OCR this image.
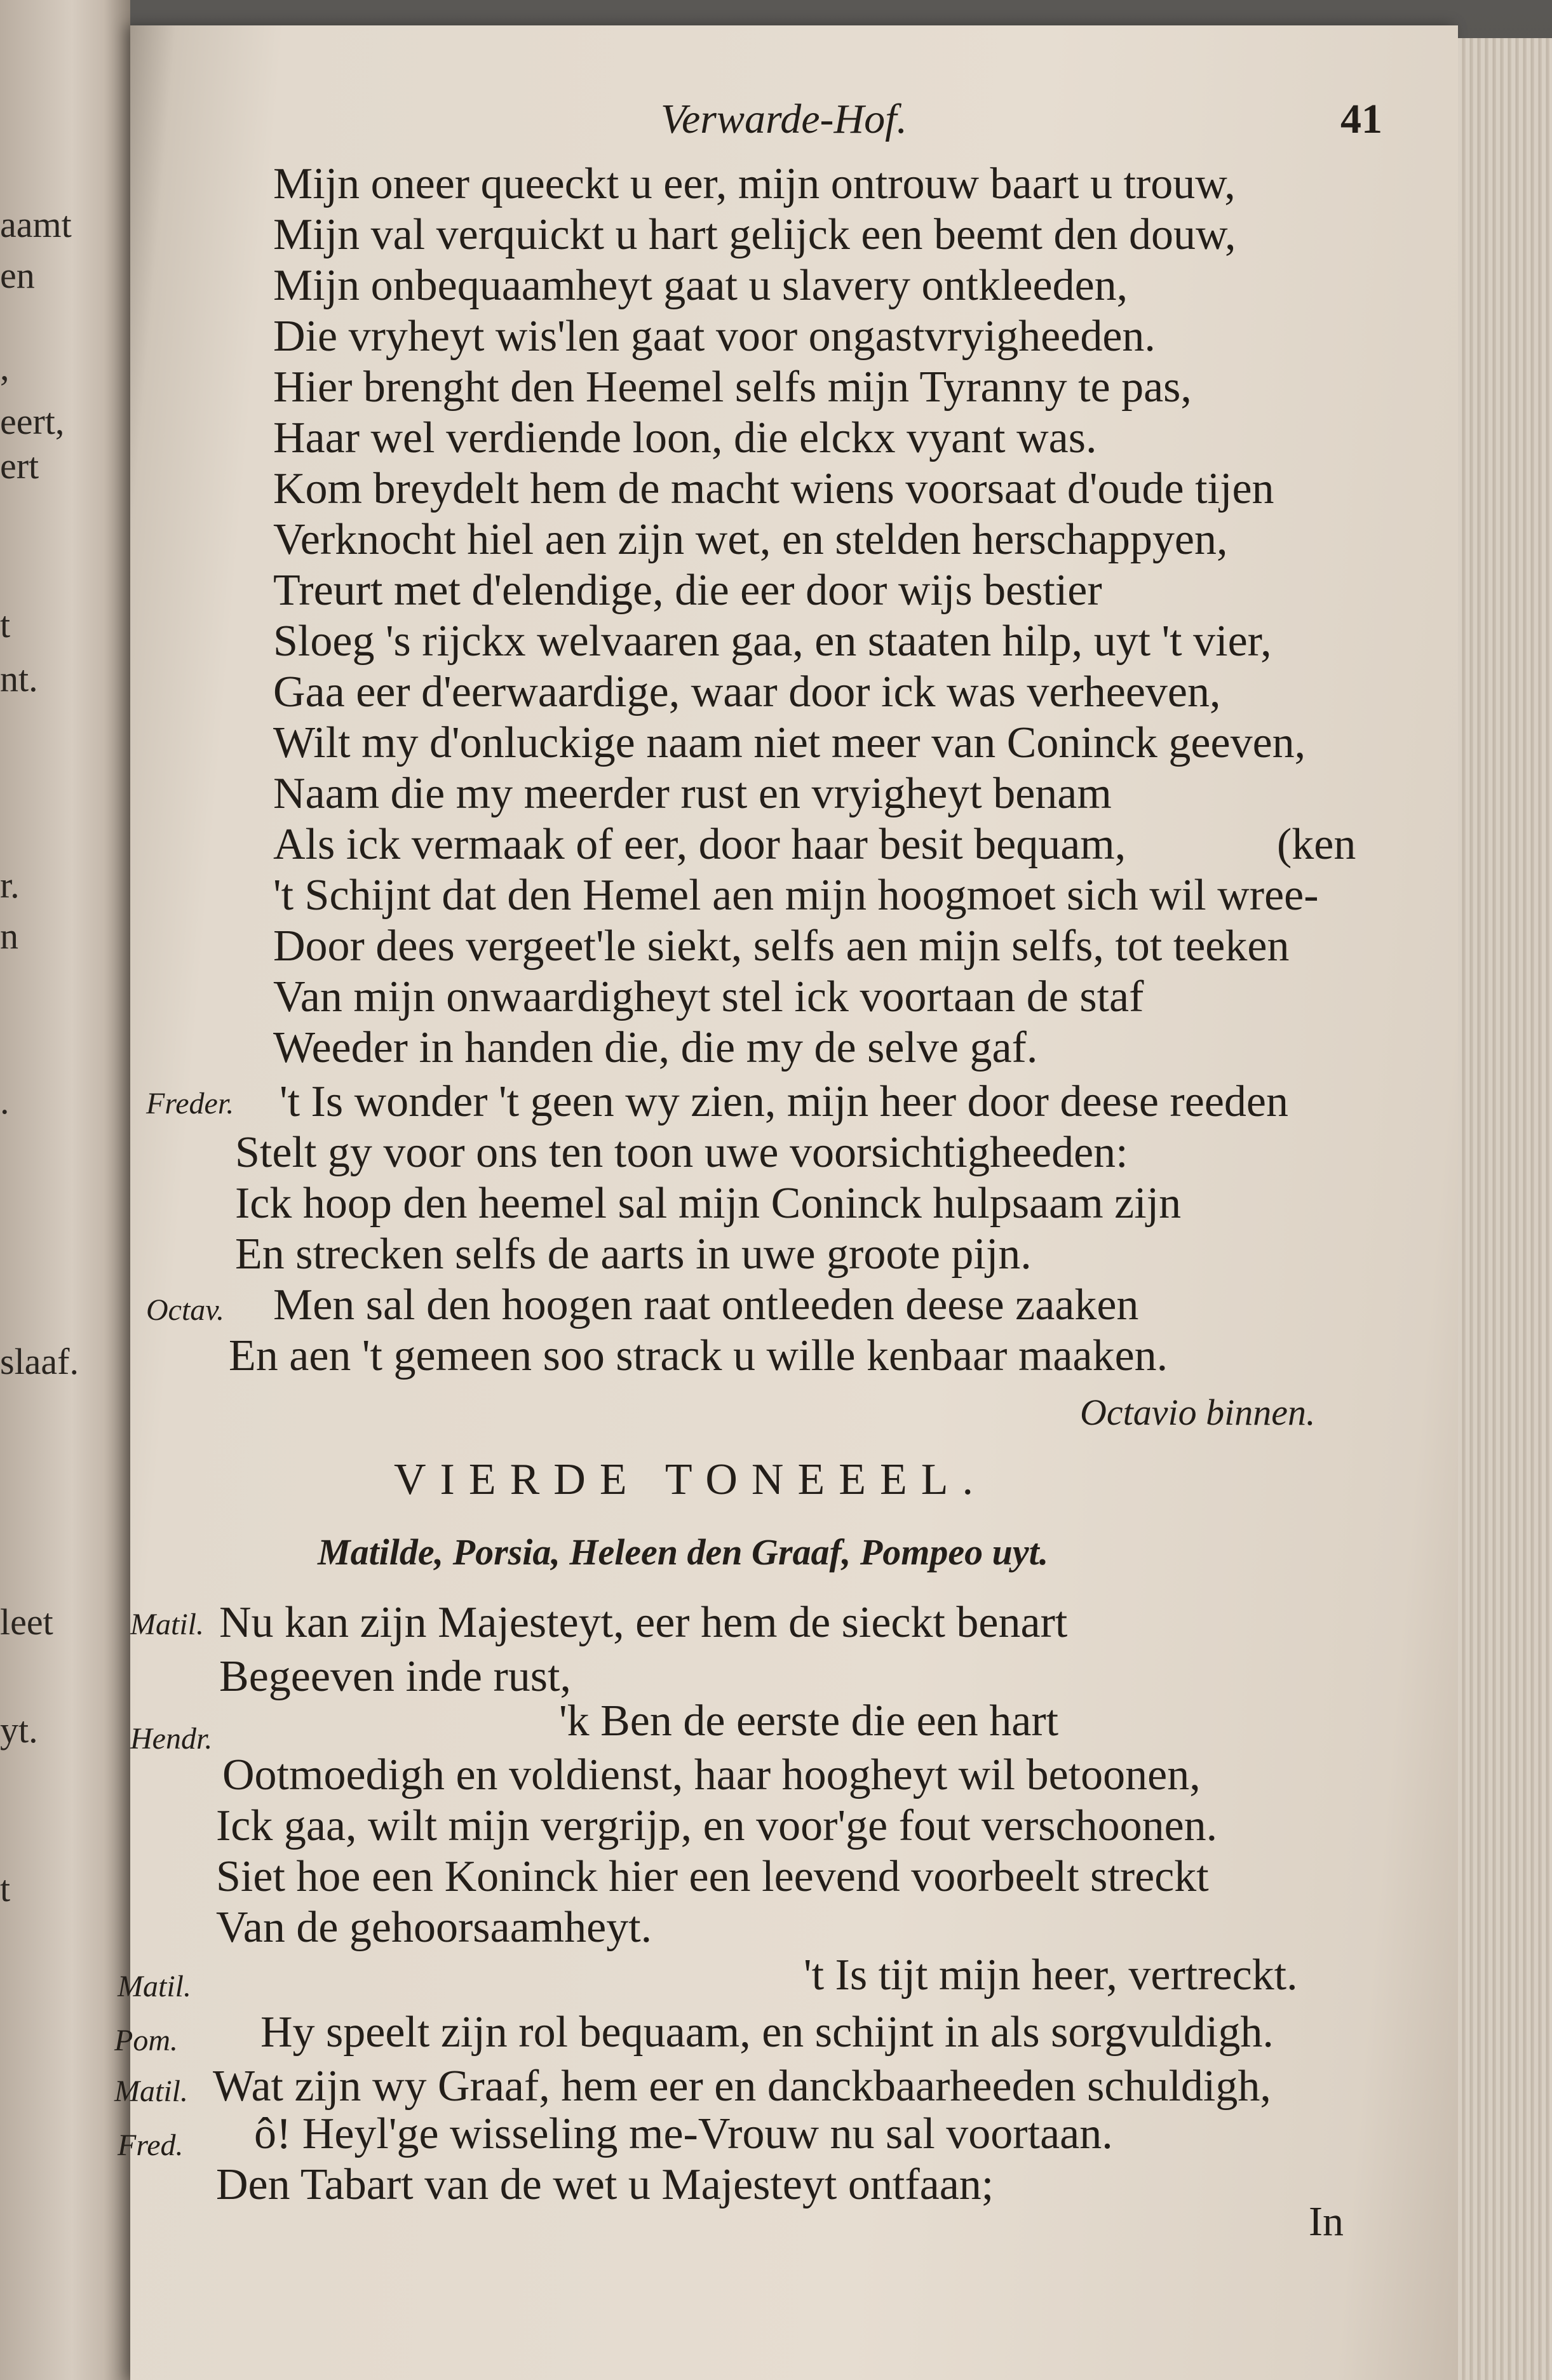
aamt
en
,
eert,
ert
t
nt.
r.
n
.
slaaf.
leet
yt.
t
Verwarde-Hof.	41
Mijn oneer queeckt u eer, mijn ontrouw baart u trouw,
Mijn val verquickt u hart gelijck een beemt den douw,
Mijn onbequaamheyt gaat u slavery ontkleeden,
Die vryheyt wis'len gaat voor ongastvryigheeden.
Hier brenght den Heemel selfs mijn Tyranny te pas,
Haar wel verdiende loon, die elckx vyant was.
Kom breydelt hem de macht wiens voorsaat d'oude tijen
Verknocht hiel aen zijn wet, en stelden herschappyen,
Treurt met d'elendige, die eer door wijs bestier
Sloeg 's rijckx welvaaren gaa, en staaten hilp, uyt 't vier,
Gaa eer d'eerwaardige, waar door ick was verheeven,
Wilt my d'onluckige naam niet meer van Coninck geeven,
Naam die my meerder rust en vryigheyt benam
Als ick vermaak of eer, door haar besit bequam,	(ken
't Schijnt dat den Hemel aen mijn hoogmoet sich wil wree-
Door dees vergeet'le siekt, selfs aen mijn selfs, tot teeken
Van mijn onwaardigheyt stel ick voortaan de staf
Weeder in handen die, die my de selve gaf.
Freder. 't Is wonder 't geen wy zien, mijn heer door deese reeden
Stelt gy voor ons ten toon uwe voorsichtigheeden:
Ick hoop den heemel sal mijn Coninck hulpsaam zijn
En strecken selfs de aarts in uwe groote pijn.
Octav. Men sal den hoogen raat ontleeden deese zaaken
En aen 't gemeen soo strack u wille kenbaar maaken.
Octavio binnen.
VIERDE TONEEEL.
Matilde, Porsia, Heleen den Graaf, Pompeo uyt.
Matil. Nu kan zijn Majesteyt, eer hem de sieckt benart
Begeeven inde rust,
Hendr.	'k Ben de eerste die een hart
Ootmoedigh en voldienst, haar hoogheyt wil betoonen,
Ick gaa, wilt mijn vergrijp, en voor'ge fout verschoonen.
Siet hoe een Koninck hier een leevend voorbeelt streckt
Van de gehoorsaamheyt.
Matil.	't Is tijt mijn heer, vertreckt.
Pom. Hy speelt zijn rol bequaam, en schijnt in als sorgvuldigh.
Matil. Wat zijn wy Graaf, hem eer en danckbaarheeden schuldigh,
Fred. ô! Heyl'ge wisseling me-Vrouw nu sal voortaan.
Den Tabart van de wet u Majesteyt ontfaan;
In
